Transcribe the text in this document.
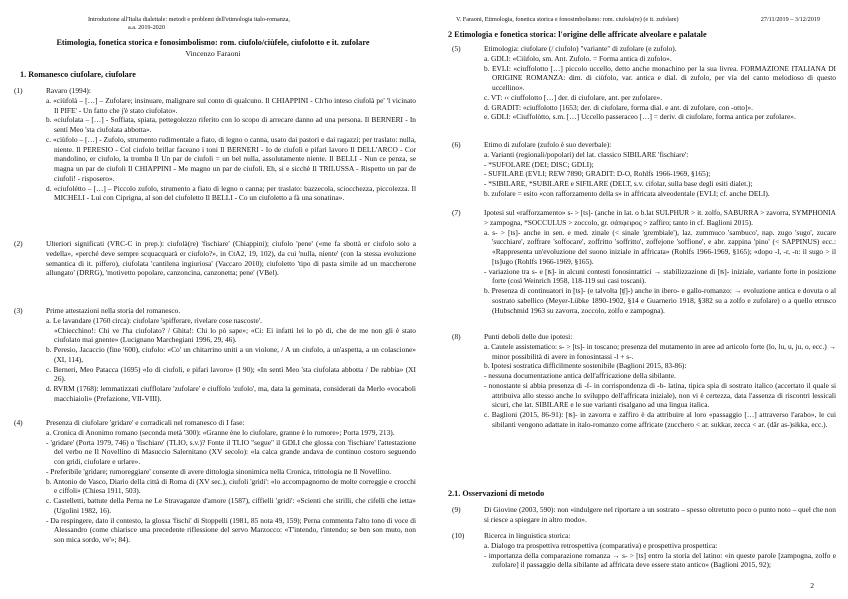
Introduzione all'Italia dialettale: metodi e problemi dell'etimologia italo-romanza,

a.a. 2019-2020

Etimologia, fonetica storica e fonosimbolismo: rom. ciufolo/ciùfele, ciufolotto e it. zufolare
Vincenzo Faraoni
1. Romanesco ciufolare, ciufolare
(1)	Ravaro (1994):
a. «ciùfolà – […] – Zufolare; insinuare, malignare sul conto di qualcuno. Il CHIAPPINI - Ch'ho inteso ciufolà pe' 'l vicinato Il PIFE' - Un fatto che j'è stato ciufolato».
b. «ciufolata – […] - Soffiata, spiata, pettegolezzo riferito con lo scopo di arrecare danno ad una persona. Il BERNERI - In sentì Meo 'sta ciufolata abbotta».
c. «ciùfolo – […] - Zufolo, strumento rudimentale a fiato, di legno o canna, usato dai pastori e dai ragazzi; per traslato: nulla, niente. Il PERESIO - Col ciufolo brillar faceano i toni Il BERNERI - Io de ciufoli e pifari lavoro Il DELL'ARCO - Cor mandolino, er ciufolo, la tromba Il Un par de ciufoli = un bel nulla, assolutamente niente. Il BELLI - Nun ce penza, se magna un par de ciufoli Il CHIAPPINI - Me magno un par de ciufoli. Eh, sì e sicchè Il TRILUSSA - Rispetto un par de ciufoli! - risposero».
d. «ciufolétto – […] – Piccolo zufolo, strumento a fiato di legno o canna; per traslato: bazzecola, sciocchezza, piccolezza. Il MICHELI - Lui con Ciprigna, al son del ciufoletto Il BELLI - Co un ciufoletto a fà una sonatina».
(2)	Ulteriori significati (VRC-C in prep.): ciufolà(re) 'fischiare' (Chiappini); ciufolo 'pene' («me fa sbottà er ciufolo solo a vedella», «perché deve sempre scquacquarà er ciufolo?», in CtA2, 19, 102), da cui 'nulla, niente' (con la stessa evoluzione semantica di it. piffero), ciufolata 'cantilena ingiuriosa' (Vaccaro 2010); ciufoletto 'tipo di pasta simile ad un maccherone allungato' (DRRG), 'motivetto popolare, canzoncina, canzonetta; pene' (VBel).
(3)	Prime attestazioni nella storia del romanesco.
a. Le lavandare (1760 circa): ciufolare 'spifferare, rivelare cose nascoste'.
«Chiecchino!: Chi ve l'ha ciufolato? / Ghita!: Chi lo pò sape»; «Ci: Ei infatti lei lo pò di, che de me non gli è stato ciufolato mai gnente» (Lucignano Marchegiani 1996, 29, 46).
b. Peresio, Jacaccio (fine '600), ciufolo: «Co' un chitarrino uniti a un violone, / A un ciufolo, a un'aspetta, a un colascione» (XI, 114),
c. Berneri, Meo Patacca (1695) «Io di ciufoli, e pifari lavoro» (I 90); «In sentì Meo 'sta ciufolata abbotta / De rabbia» (XI 26).
d. RVRM (1768): lemmatizzati ciufflolare 'zufolare' e ciuffolo 'zufolo', ma, data la geminata, considerati da Merlo «vocaboli macchiaioli» (Prefazione, VII-VIII).
(4)	Presenza di ciufolare 'gridare' e corradicali nel romanesco di I fase:
a. Cronica di Anonimo romano (seconda metà '300): «Granne ène lo ciufolare, granne è lo romore»; Porta 1979, 213).
- 'gridare' (Porta 1979, 746) o 'fischiare' (TLIO, s.v.)? Fonte il TLIO "segue" il GDLI che glossa con 'fischiare' l'attestazione del verbo ne Il Novellino di Masuccio Salernitano (XV secolo): «la calca grande andava de continuo costoro seguendo con gridi, ciufolare e urlare».
- Preferibile 'gridare; rumoreggiare' consente di avere dittologia sinonimica nella Cronica, trittologia ne Il Novellino.
b. Antonio de Vasco, Diario della città di Roma di (XV sec.), ciufoli 'gridi': «lo accompagnorno de molte correggie e crocchi e ciffoli» (Chiesa 1911, 503).
c. Castelletti, battute della Perna ne Le Stravaganze d'amore (1587), ciffielli 'gridi': «Scienti che strilli, che cifelli che ietta» (Ugolini 1982, 16).
- Da respingere, dato il contesto, la glossa 'fischi' di Stoppelli (1981, 85 nota 49, 159); Perna commenta l'alto tono di voce di Alessandro (come chiarisce una precedente riflessione del servo Marzocco: «T'intendo, t'intendo; se ben son muto, non son mica sordo, ve'»; 84).
V. Faraoni, Etimologia, fonetica storica e fonosimbolismo: rom. ciufola(re) (e it. zufolare)	27/11/2019 – 3/12/2019
2 Etimologia e fonetica storica: l'origine delle affricate alveolare e palatale
(5)	Etimologia: ciufolare (/ ciufolo) "variante" di zufolare (e zufolo).
a. GDLI: «Ciùfolo, sm. Ant. Zufolo. = Forma antica di zufolo».
b. EVLI: «ciuffolotto […] piccolo uccello, detto anche monachino per la sua livrea. FORMAZIONE ITALIANA DI ORIGINE ROMANZA: dim. di ciùfolo, var. antica e dial. di zufolo, per via del canto melodioso di questo uccellino».
c. VT: ‹‹ ciuffolotto […] der. di ciufolare, ant. per zufolare».
d. GRADIT: «ciuffolotto [1653; der. di ciufolare, forma dial. e ant. di zufolare, con -otto]».
e. GDLI: «Ciuffolòtto, s.m. […] Uccello passeraceo […] = deriv. di ciufolare, forma antica per zufolare».
(6)	Etimo di zufolare (zufolo è suo deverbale):
a. Varianti (regionali/popolari) del lat. classico SIBILARE 'fischiare':
- *SUFOLARE (DEI; DISC; GDLI);
- SUFILARE (EVLI; REW 7890; GRADIT: D-O, Rohlfs 1966-1969, §165);
- *SIBILARE, *SUBILARE e SIFILARE (DELT, s.v. cifolar, sulla base degli esiti dialet.);
b. zufolare = esito «con rafforzamento della s» in affricata alveodentale (EVLI; cf. anche DELI).
(7)	Ipotesi sul «rafforzamento» s- > [ts]- (anche in lat. o b.lat SULPHUR > it. zolfo, SABURRA > zavorra, SYMPHONIA > zampogna, *SOCCULUS > zoccolo, gr. σάπφειρος > zaffiro; tanto in cf. Baglioni 2015).
a. s- > [ts]- anche in sen. e med. zinale (< sinale 'grembiale'), laz. zummuco 'sambuco', nap. zugo 'sugo', zucare 'succhiare', zoffrare 'soffocare', zoffritto 'soffritto', zoffejone 'soffione', e abr. zappina 'pino' (< SAPPINUS) ecc.: «Rappresenta un'evoluzione del suono iniziale in affricata» (Rohlfs 1966-1969, §165); «dopo -l, -r, -n: il sugo > il [ts]ugo (Rohlfs 1966-1969, §165).
- variazione tra s- e [ʦ]- in alcuni contesti fonosintattici → stabilizzazione di [ʦ]- iniziale, variante forte in posizione forte (così Weinrich 1958, 118-119 sui casi toscani).
b. Presenza di continuatori in [ts]- (e talvolta [ʧ]-) anche in ibero- e gallo-romanzo: → evoluzione antica e dovuta o al sostrato sabellico (Meyer-Lübke 1890-1902, §14 e Guarnerio 1918, §382 su a zolfo e zufolare) o a quello etrusco (Hubschmid 1963 su zavorra, zoccolo, zolfo e zampogna).
(8)	Punti deboli delle due ipotesi:
a. Cautele assistematico: s- > [ts]- in toscano; presenza del mutamento in aree ad articolo forte (lo, lu, u, ju, o, ecc.) → minor possibilità di avere in fonosintassi -l + s-.
b. Ipotesi sostratica difficilmente sostenibile (Baglioni 2015, 83-86):
- nessuna documentazione antica dell'affricazione della sibilante.
- nonostante si abbia presenza di -f- in corrispondenza di -b- latina, tipica spia di sostrato italico (accertato il quale si attribuiva allo stesso anche lo sviluppo dell'affricata iniziale), non vi è certezza, data l'assenza di riscontri lessicali sicuri, che lat. SIBILARE e le sue varianti risalgano ad una lingua italica.
c. Baglioni (2015, 86-91): [ʦ]- in zavorra e zaffiro è da attribuire al loro «passaggio […] attraverso l'arabo», le cui sibilanti vengono adattate in italo-romanzo come affricate (zucchero < ar. sukkar, zecca < ar. (dār as-)sikka, ecc.).
2.1. Osservazioni di metodo
(9)	Di Giovine (2003, 590): non «indulgere nel riportare a un sostrato – spesso oltretutto poco o punto noto – quel che non si riesce a spiegare in altro modo».
(10)	Ricerca in linguistica storica:
a. Dialogo tra prospettiva retrospettiva (comparativa) e prospettiva prospettica:
- importanza della comparazione romanza → s- > [ts] entro la storia del latino: «in queste parole [zampogna, zolfo e zufolare] il passaggio della sibilante ad affricata deve essere stato antico» (Baglioni 2015, 92);
2
